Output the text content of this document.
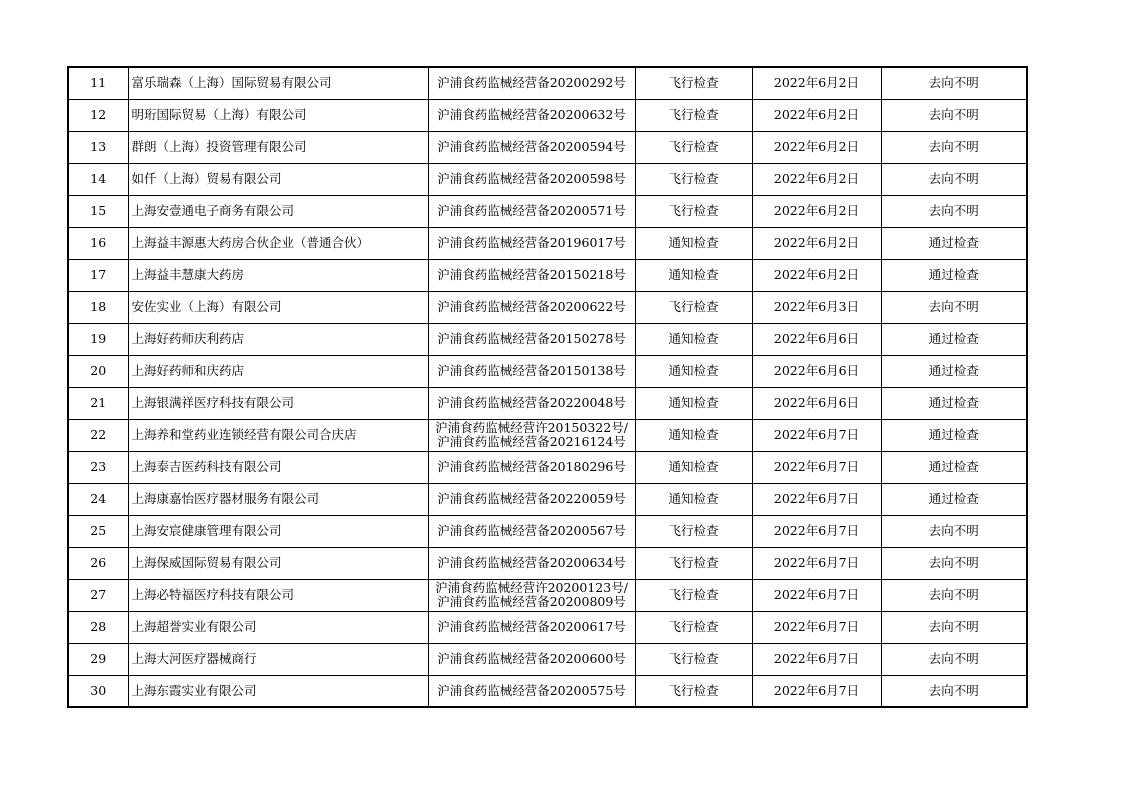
11	富乐瑞森（上海）国际贸易有限公司	沪浦食药监械经营备20200292号	飞行检查	2022年6月2日	去向不明
12	明珩国际贸易（上海）有限公司	沪浦食药监械经营备20200632号	飞行检查	2022年6月2日	去向不明
13	群朗（上海）投资管理有限公司	沪浦食药监械经营备20200594号	飞行检查	2022年6月2日	去向不明
14	如仟（上海）贸易有限公司	沪浦食药监械经营备20200598号	飞行检查	2022年6月2日	去向不明
15	上海安壹通电子商务有限公司	沪浦食药监械经营备20200571号	飞行检查	2022年6月2日	去向不明
16	上海益丰源惠大药房合伙企业（普通合伙）	沪浦食药监械经营备20196017号	通知检查	2022年6月2日	通过检查
17	上海益丰慧康大药房	沪浦食药监械经营备20150218号	通知检查	2022年6月2日	通过检查
18	安佐实业（上海）有限公司	沪浦食药监械经营备20200622号	飞行检查	2022年6月3日	去向不明
19	上海好药师庆利药店	沪浦食药监械经营备20150278号	通知检查	2022年6月6日	通过检查
20	上海好药师和庆药店	沪浦食药监械经营备20150138号	通知检查	2022年6月6日	通过检查
21	上海银满祥医疗科技有限公司	沪浦食药监械经营备20220048号	通知检查	2022年6月6日	通过检查
22	上海养和堂药业连锁经营有限公司合庆店	沪浦食药监械经营许20150322号/
沪浦食药监械经营备20216124号	通知检查	2022年6月7日	通过检查
23	上海泰吉医药科技有限公司	沪浦食药监械经营备20180296号	通知检查	2022年6月7日	通过检查
24	上海康嘉怡医疗器材服务有限公司	沪浦食药监械经营备20220059号	通知检查	2022年6月7日	通过检查
25	上海安宸健康管理有限公司	沪浦食药监械经营备20200567号	飞行检查	2022年6月7日	去向不明
26	上海保威国际贸易有限公司	沪浦食药监械经营备20200634号	飞行检查	2022年6月7日	去向不明
27	上海必特福医疗科技有限公司	沪浦食药监械经营许20200123号/
沪浦食药监械经营备20200809号	飞行检查	2022年6月7日	去向不明
28	上海超誉实业有限公司	沪浦食药监械经营备20200617号	飞行检查	2022年6月7日	去向不明
29	上海大河医疗器械商行	沪浦食药监械经营备20200600号	飞行检查	2022年6月7日	去向不明
30	上海东霞实业有限公司	沪浦食药监械经营备20200575号	飞行检查	2022年6月7日	去向不明
